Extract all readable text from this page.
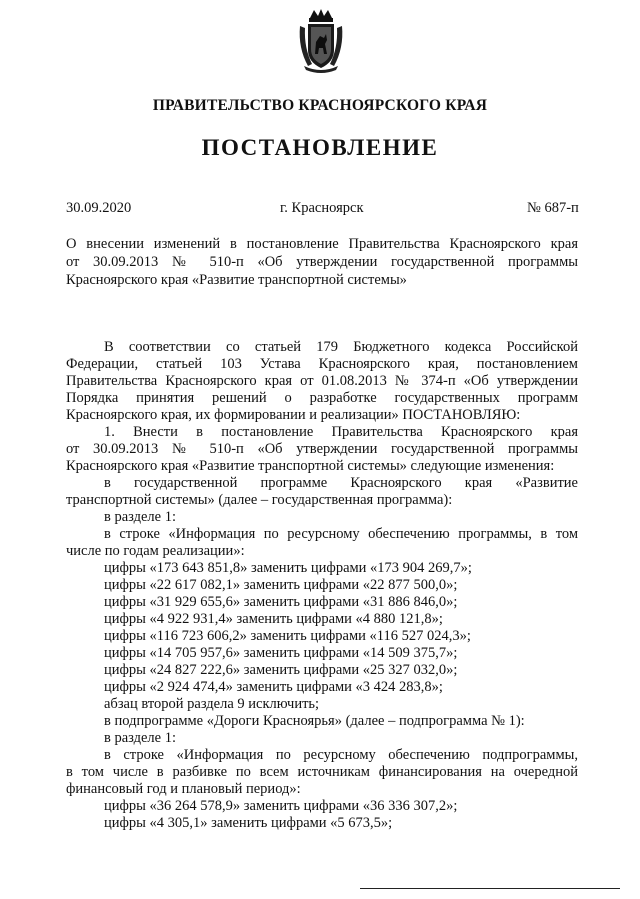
ПРАВИТЕЛЬСТВО КРАСНОЯРСКОГО КРАЯ
ПОСТАНОВЛЕНИЕ
30.09.2020	г. Красноярск	№ 687-п
О внесении изменений в постановление Правительства Красноярского края
от 30.09.2013 № 510-п «Об утверждении государственной программы
Красноярского края «Развитие транспортной системы»
В соответствии со статьей 179 Бюджетного кодекса Российской
Федерации, статьей 103 Устава Красноярского края, постановлением
Правительства Красноярского края от 01.08.2013 № 374-п «Об утверждении
Порядка принятия решений о разработке государственных программ
Красноярского края, их формировании и реализации» ПОСТАНОВЛЯЮ:
1. Внести в постановление Правительства Красноярского края
от 30.09.2013 № 510-п «Об утверждении государственной программы
Красноярского края «Развитие транспортной системы» следующие изменения:
в государственной программе Красноярского края «Развитие
транспортной системы» (далее – государственная программа):
в разделе 1:
в строке «Информация по ресурсному обеспечению программы, в том
числе по годам реализации»:
цифры «173 643 851,8» заменить цифрами «173 904 269,7»;
цифры «22 617 082,1» заменить цифрами «22 877 500,0»;
цифры «31 929 655,6» заменить цифрами «31 886 846,0»;
цифры «4 922 931,4» заменить цифрами «4 880 121,8»;
цифры «116 723 606,2» заменить цифрами «116 527 024,3»;
цифры «14 705 957,6» заменить цифрами «14 509 375,7»;
цифры «24 827 222,6» заменить цифрами «25 327 032,0»;
цифры «2 924 474,4» заменить цифрами «3 424 283,8»;
абзац второй раздела 9 исключить;
в подпрограмме «Дороги Красноярья» (далее – подпрограмма № 1):
в разделе 1:
в строке «Информация по ресурсному обеспечению подпрограммы,
в том числе в разбивке по всем источникам финансирования на очередной
финансовый год и плановый период»:
цифры «36 264 578,9» заменить цифрами «36 336 307,2»;
цифры «4 305,1» заменить цифрами «5 673,5»;
